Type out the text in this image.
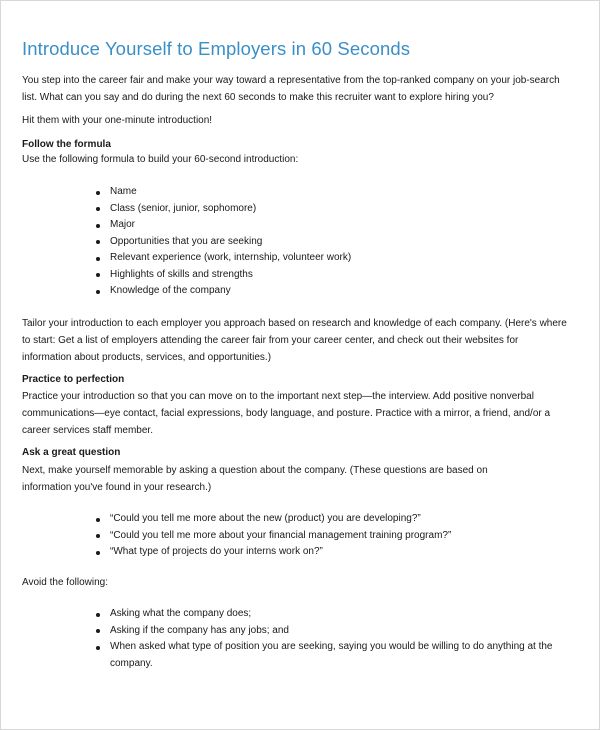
Introduce Yourself to Employers in 60 Seconds

You step into the career fair and make your way toward a representative from the top-ranked company on your job-search list. What can you say and do during the next 60 seconds to make this recruiter want to explore hiring you?

Hit them with your one-minute introduction!

Follow the formula

Use the following formula to build your 60-second introduction:

Name
Class (senior, junior, sophomore)
Major
Opportunities that you are seeking
Relevant experience (work, internship, volunteer work)
Highlights of skills and strengths
Knowledge of the company

Tailor your introduction to each employer you approach based on research and knowledge of each company. (Here's where to start: Get a list of employers attending the career fair from your career center, and check out their websites for information about products, services, and opportunities.)

Practice to perfection

Practice your introduction so that you can move on to the important next step—the interview. Add positive nonverbal communications—eye contact, facial expressions, body language, and posture. Practice with a mirror, a friend, and/or a career services staff member.

Ask a great question

Next, make yourself memorable by asking a question about the company. (These questions are based on information you've found in your research.)

“Could you tell me more about the new (product) you are developing?”
“Could you tell me more about your financial management training program?”
“What type of projects do your interns work on?”

Avoid the following:

Asking what the company does;
Asking if the company has any jobs; and
When asked what type of position you are seeking, saying you would be willing to do anything at the company.
